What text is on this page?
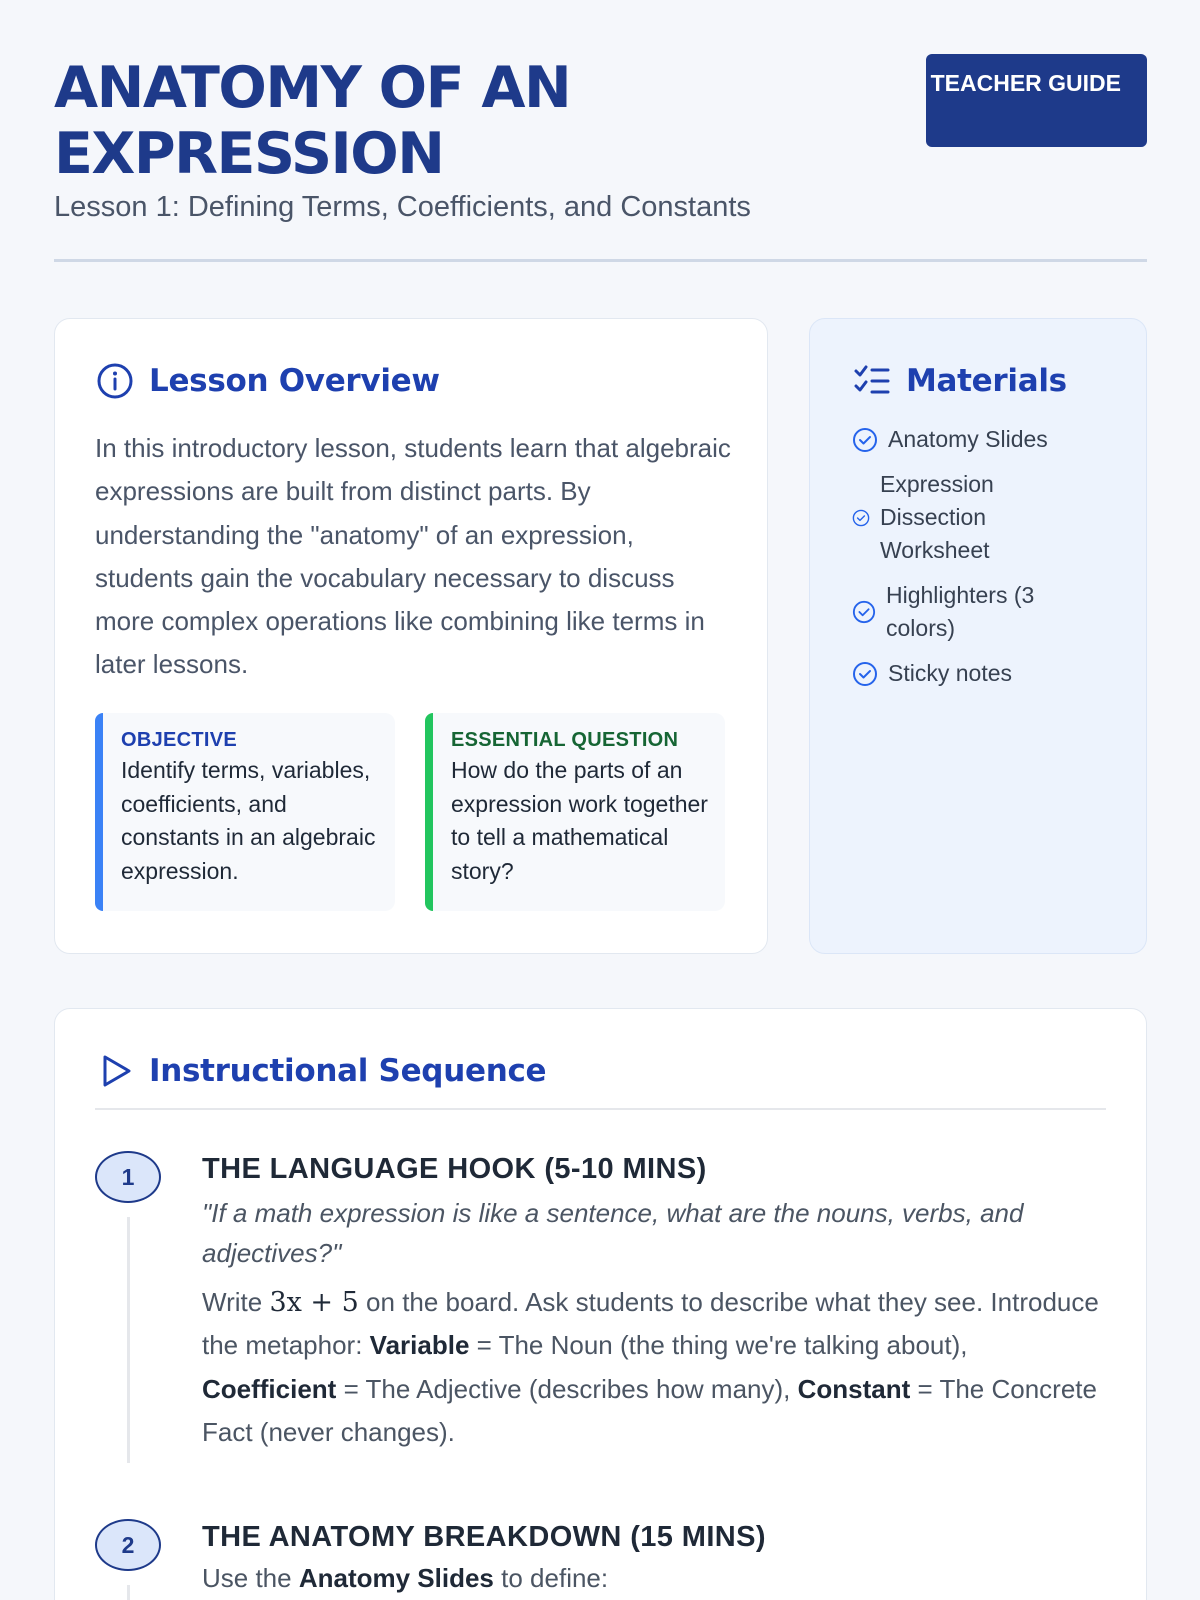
ANATOMY OF AN EXPRESSION
Lesson 1: Defining Terms, Coefficients, and Constants
TEACHER GUIDE
Lesson Overview

In this introductory lesson, students learn that algebraic expressions are built from distinct parts. By understanding the "anatomy" of an expression, students gain the vocabulary necessary to discuss more complex operations like combining like terms in later lessons.

OBJECTIVE
Identify terms, variables, coefficients, and constants in an algebraic expression.
ESSENTIAL QUESTION
How do the parts of an expression work together to tell a mathematical story?
Materials
Anatomy Slides
Expression Dissection Worksheet
Highlighters (3 colors)
Sticky notes
Instructional Sequence
1	THE LANGUAGE HOOK (5-10 MINS)
"If a math expression is like a sentence, what are the nouns, verbs, and adjectives?"
Write 3x + 5 on the board. Ask students to describe what they see. Introduce the metaphor: Variable = The Noun (the thing we're talking about), Coefficient = The Adjective (describes how many), Constant = The Concrete Fact (never changes).
2	THE ANATOMY BREAKDOWN (15 MINS)
Use the Anatomy Slides to define:
